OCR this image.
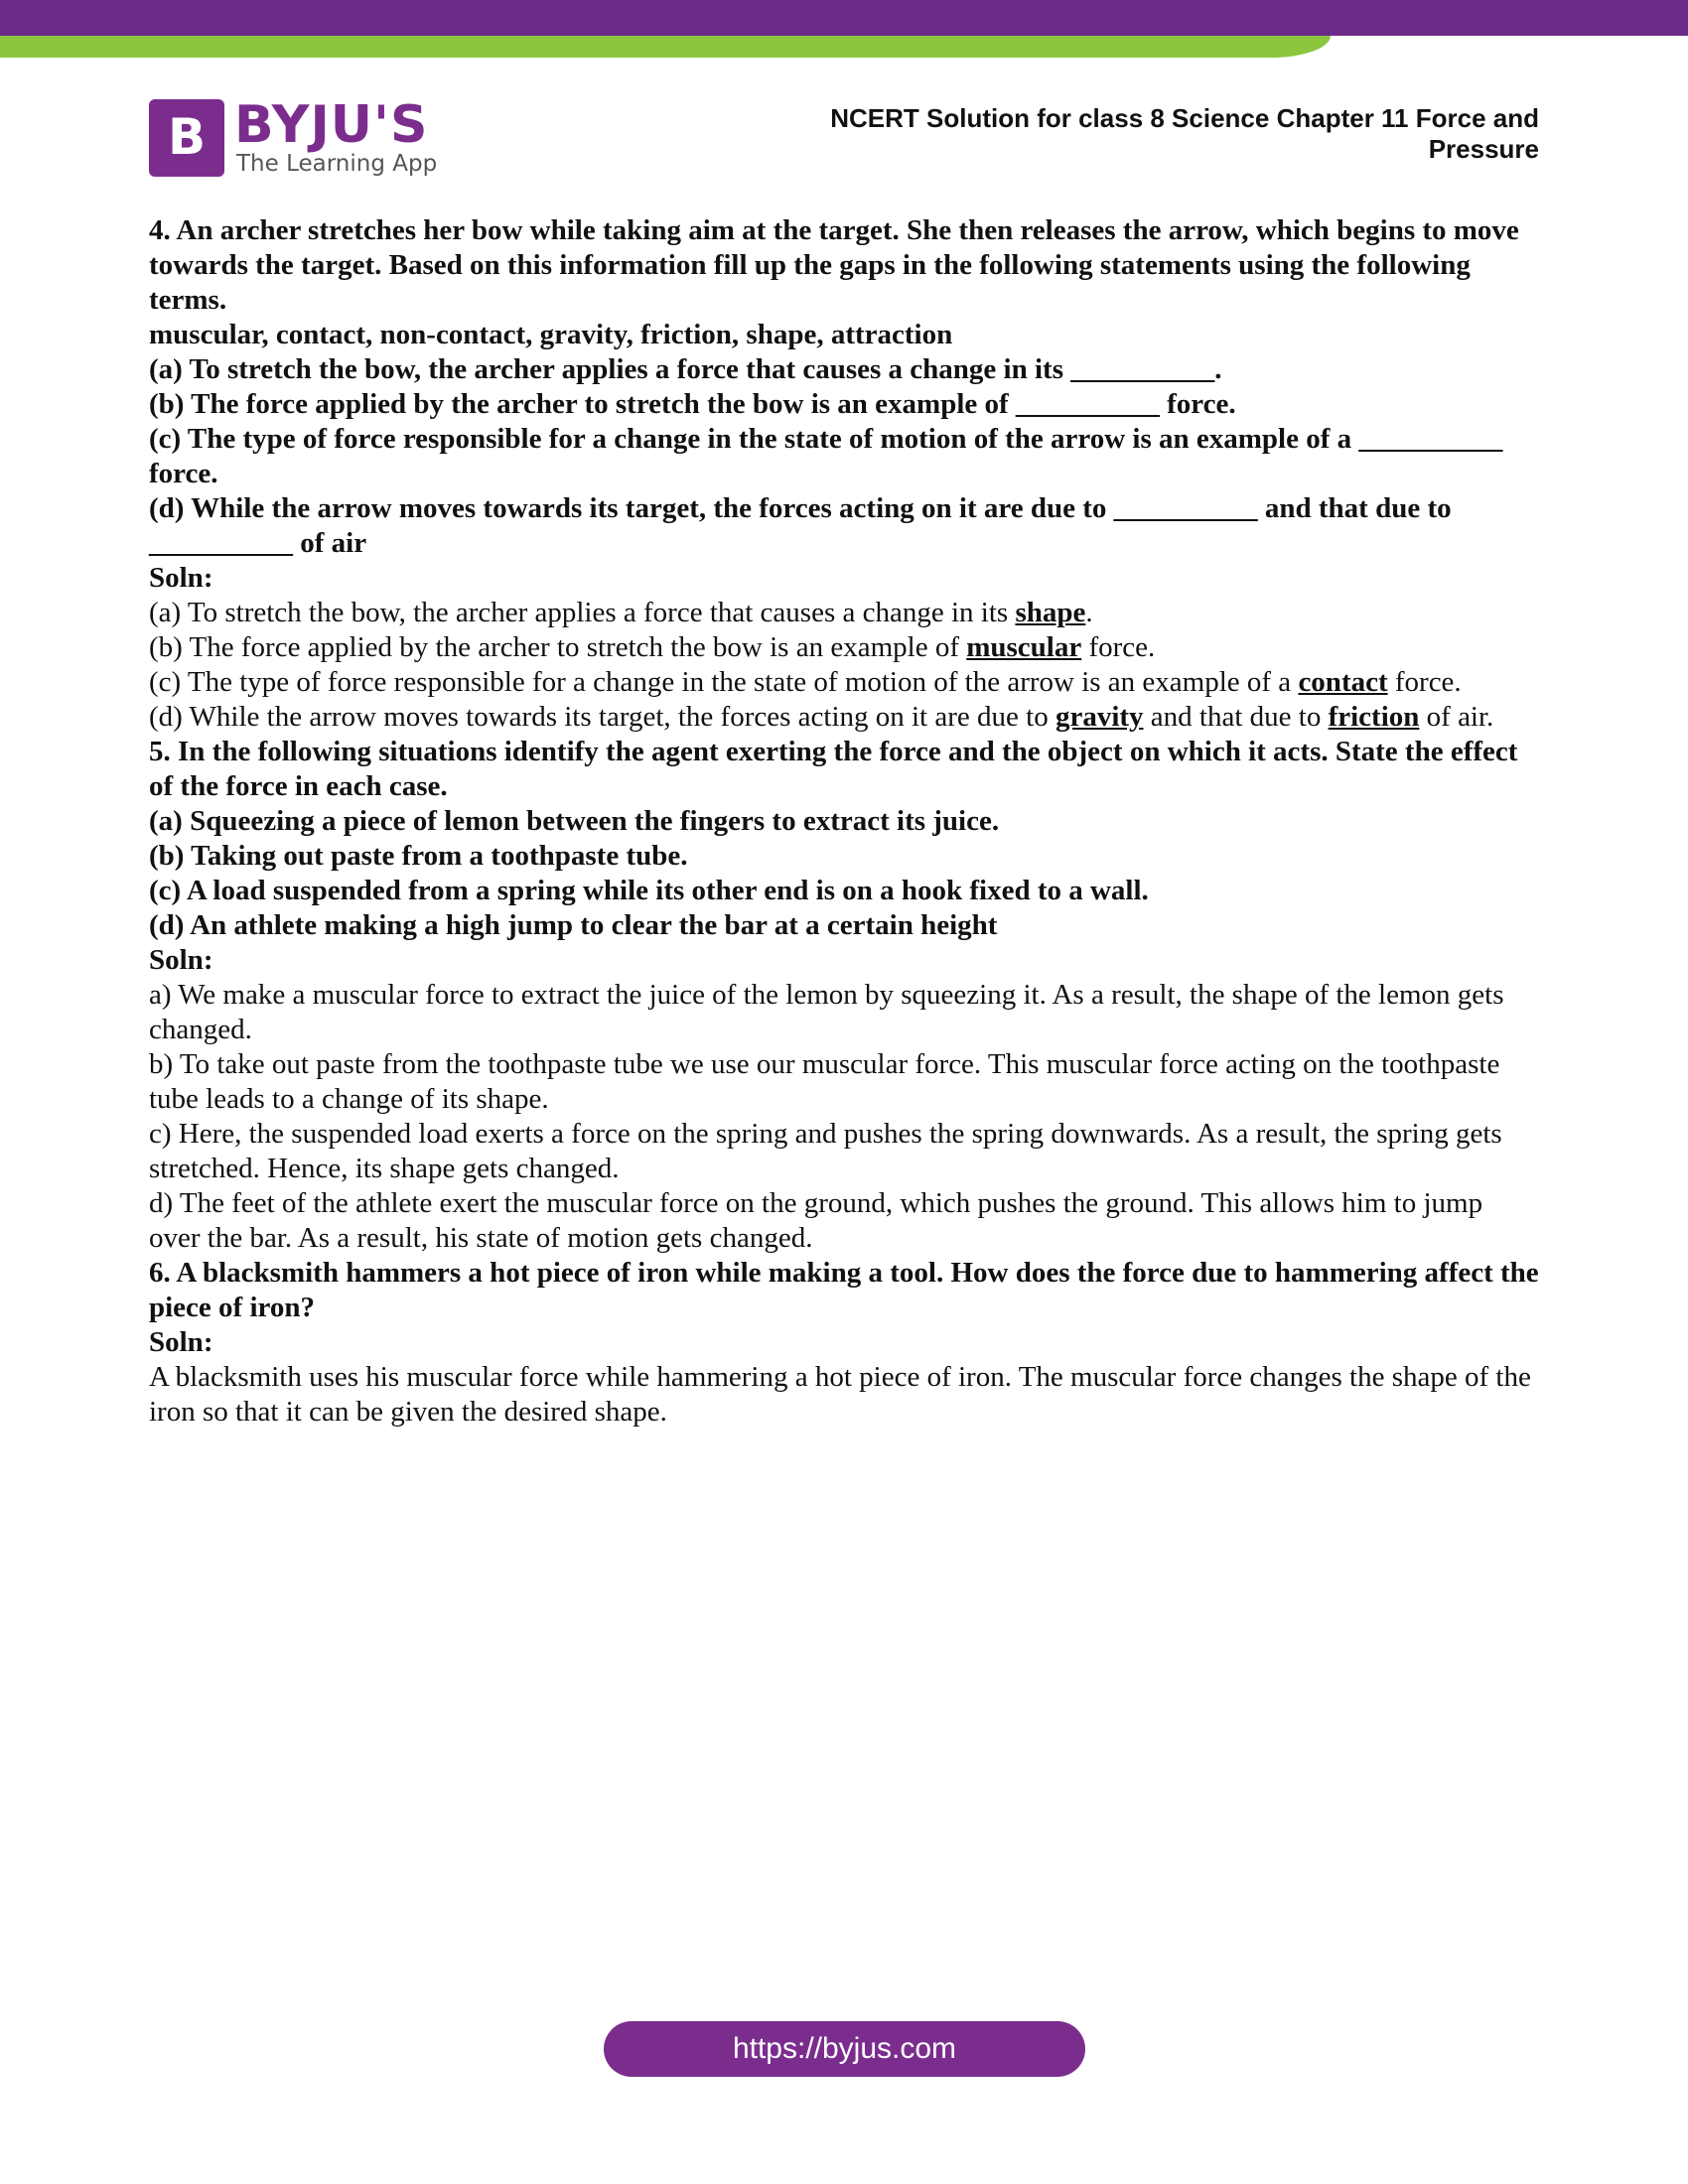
B BYJU'S
The Learning App
NCERT Solution for class 8 Science Chapter 11 Force and Pressure

4. An archer stretches her bow while taking aim at the target. She then releases the arrow, which begins to move towards the target. Based on this information fill up the gaps in the following statements using the following terms.

muscular, contact, non-contact, gravity, friction, shape, attraction

(a) To stretch the bow, the archer applies a force that causes a change in its __________.

(b) The force applied by the archer to stretch the bow is an example of __________ force.

(c) The type of force responsible for a change in the state of motion of the arrow is an example of a __________ force.

(d) While the arrow moves towards its target, the forces acting on it are due to __________ and that due to __________ of air

Soln:

(a) To stretch the bow, the archer applies a force that causes a change in its shape.

(b) The force applied by the archer to stretch the bow is an example of muscular force.

(c) The type of force responsible for a change in the state of motion of the arrow is an example of a contact force.

(d) While the arrow moves towards its target, the forces acting on it are due to gravity and that due to friction of air.

5. In the following situations identify the agent exerting the force and the object on which it acts. State the effect of the force in each case.

(a) Squeezing a piece of lemon between the fingers to extract its juice.

(b) Taking out paste from a toothpaste tube.

(c) A load suspended from a spring while its other end is on a hook fixed to a wall.

(d) An athlete making a high jump to clear the bar at a certain height

Soln:

a) We make a muscular force to extract the juice of the lemon by squeezing it. As a result, the shape of the lemon gets changed.

b) To take out paste from the toothpaste tube we use our muscular force. This muscular force acting on the toothpaste tube leads to a change of its shape.

c) Here, the suspended load exerts a force on the spring and pushes the spring downwards. As a result, the spring gets stretched. Hence, its shape gets changed.

d) The feet of the athlete exert the muscular force on the ground, which pushes the ground. This allows him to jump over the bar. As a result, his state of motion gets changed.

6. A blacksmith hammers a hot piece of iron while making a tool. How does the force due to hammering affect the piece of iron?

Soln:

A blacksmith uses his muscular force while hammering a hot piece of iron. The muscular force changes the shape of the iron so that it can be given the desired shape.

https://byjus.com
